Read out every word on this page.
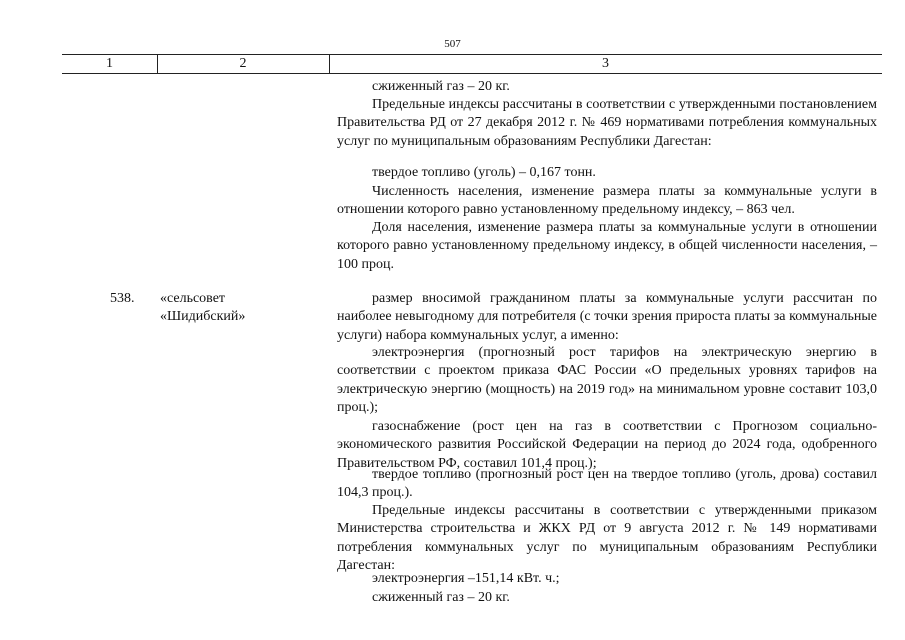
507
1	2	3

сжиженный газ – 20 кг.

Предельные индексы рассчитаны в соответствии с утвержденными постановлением Правительства РД от 27 декабря 2012 г. № 469 нормативами потребления коммунальных услуг по муниципальным образованиям Республики Дагестан:

твердое топливо (уголь) – 0,167 тонн.

Численность населения, изменение размера платы за коммунальные услуги в отношении которого равно установленному предельному индексу, – 863 чел.

Доля населения, изменение размера платы за коммунальные услуги в отношении которого равно установленному предельному индексу, в общей численности населения, – 100 проц.

538. «сельсовет
«Шидибский»

размер вносимой гражданином платы за коммунальные услуги рассчитан по наиболее невыгодному для потребителя (с точки зрения прироста платы за коммунальные услуги) набора коммунальных услуг, а именно:

электроэнергия (прогнозный рост тарифов на электрическую энергию в соответствии с проектом приказа ФАС России «О предельных уровнях тарифов на электрическую энергию (мощность) на 2019 год» на минимальном уровне составит 103,0 проц.);

газоснабжение (рост цен на газ в соответствии с Прогнозом социально-экономического развития Российской Федерации на период до 2024 года, одобренного Правительством РФ, составил 101,4 проц.);

твердое топливо (прогнозный рост цен на твердое топливо (уголь, дрова) составил 104,3 проц.).

Предельные индексы рассчитаны в соответствии с утвержденными приказом Министерства строительства и ЖКХ РД от 9 августа 2012 г. № 149 нормативами потребления коммунальных услуг по муниципальным образованиям Республики Дагестан:

электроэнергия –151,14 кВт. ч.;

сжиженный газ – 20 кг.
